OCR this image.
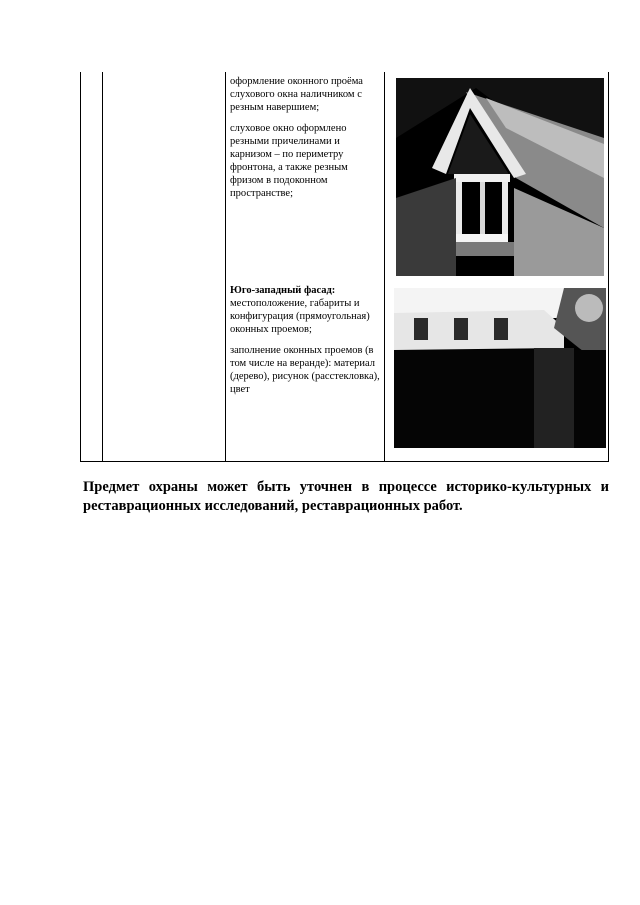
оформление оконного проёма слухового окна наличником с резным навершием;

слуховое окно оформлено резными причелинами и карнизом – по периметру фронтона, а также резным фризом в подоконном пространстве;

Юго-западный фасад:

местоположение, габариты и конфигурация (прямоугольная) оконных проемов;

заполнение оконных проемов (в том числе на веранде): материал (дерево), рисунок (расстекловка), цвет

Предмет охраны может быть уточнен в процессе историко-культурных и реставрационных исследований, реставрационных работ.
